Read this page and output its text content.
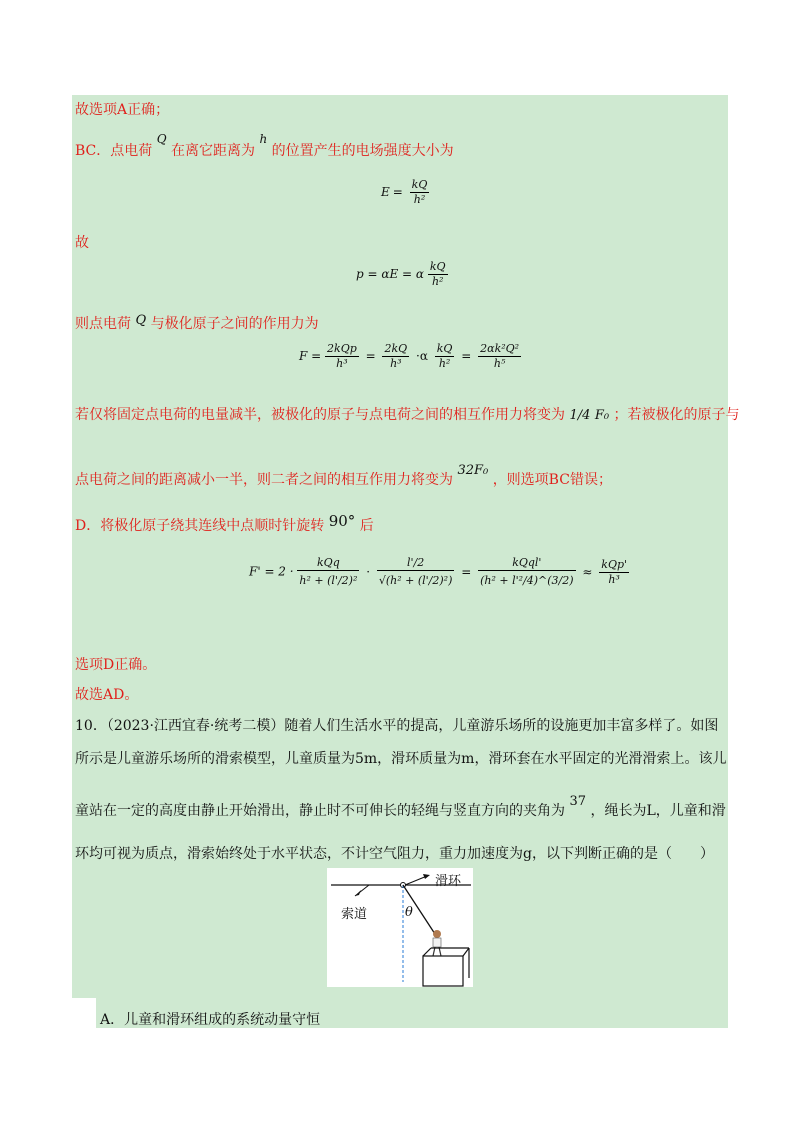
故选项A正确；
BC．点电荷 Q 在离它距离为 h 的位置产生的电场强度大小为
$E = \frac{kQ}{\text{h²}}$
故
p = αE = α $\frac{kQ}{\text{h²}}$
则点电荷 Q 与极化原子之间的作用力为
$F = \frac{\text{2kQp}}{\text{h³}} = \frac{2kQ}{\text{h³}} \cdot\alpha \frac{kQ}{\text{h²}} = \frac{\text{2αk²Q²}}{\text{h⁵}}$
若仅将固定点电荷的电量减半，被极化的原子与点电荷之间的相互作用力将变为 1/4 F₀ ；若被极化的原子与
点电荷之间的距离减小一半，则二者之间的相互作用力将变为 32F₀ ，则选项BC错误；
D．将极化原子绕其连线中点顺时针旋转 90° 后
$F' = 2 \cdot \frac{\text{kQq}}{\text{h² + (l'/2)²}} \cdot \frac{l'/2}{\text{√(h² + (l'/2)²)}} = \frac{\text{kQql'}}{\text{(h² + l'²/4)\textasciicircum{}(3/2)}} \approx \frac{\text{kQp'}}{\text{h³}}$
选项D正确。
故选AD。
10．（2023·江西宜春·统考二模）随着人们生活水平的提高，儿童游乐场所的设施更加丰富多样了。如图
所示是儿童游乐场所的滑索模型，儿童质量为5m，滑环质量为m，滑环套在水平固定的光滑滑索上。该儿
童站在一定的高度由静止开始滑出，静止时不可伸长的轻绳与竖直方向的夹角为 37 ，绳长为L，儿童和滑
环均可视为质点，滑索始终处于水平状态，不计空气阻力，重力加速度为g，以下判断正确的是（　　）
滑环
索道	θ
A．儿童和滑环组成的系统动量守恒
